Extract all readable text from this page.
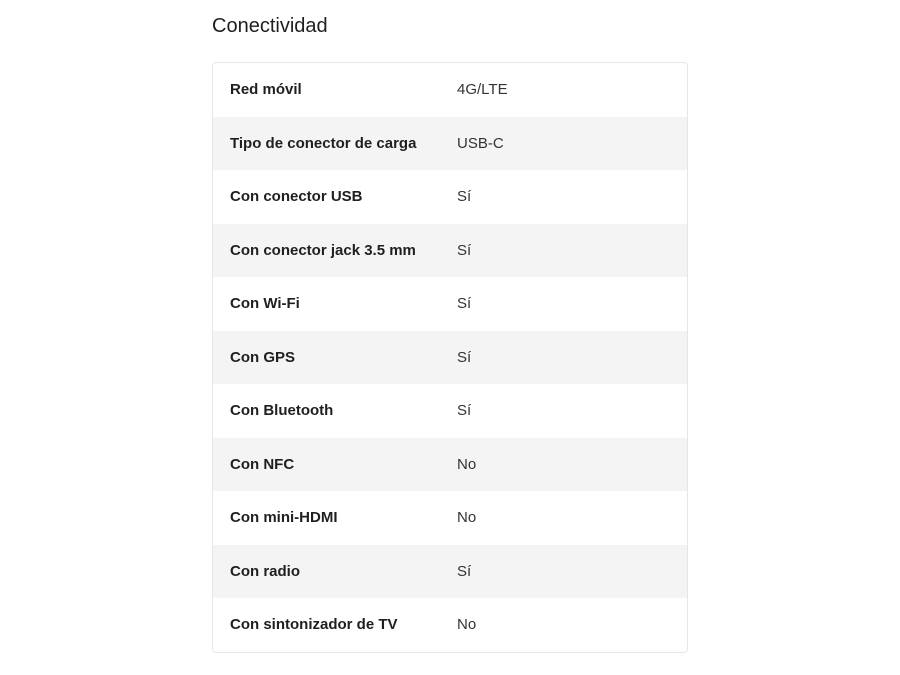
Conectividad
Red móvil	4G/LTE
Tipo de conector de carga	USB-C
Con conector USB	Sí
Con conector jack 3.5 mm	Sí
Con Wi-Fi	Sí
Con GPS	Sí
Con Bluetooth	Sí
Con NFC	No
Con mini-HDMI	No
Con radio	Sí
Con sintonizador de TV	No
